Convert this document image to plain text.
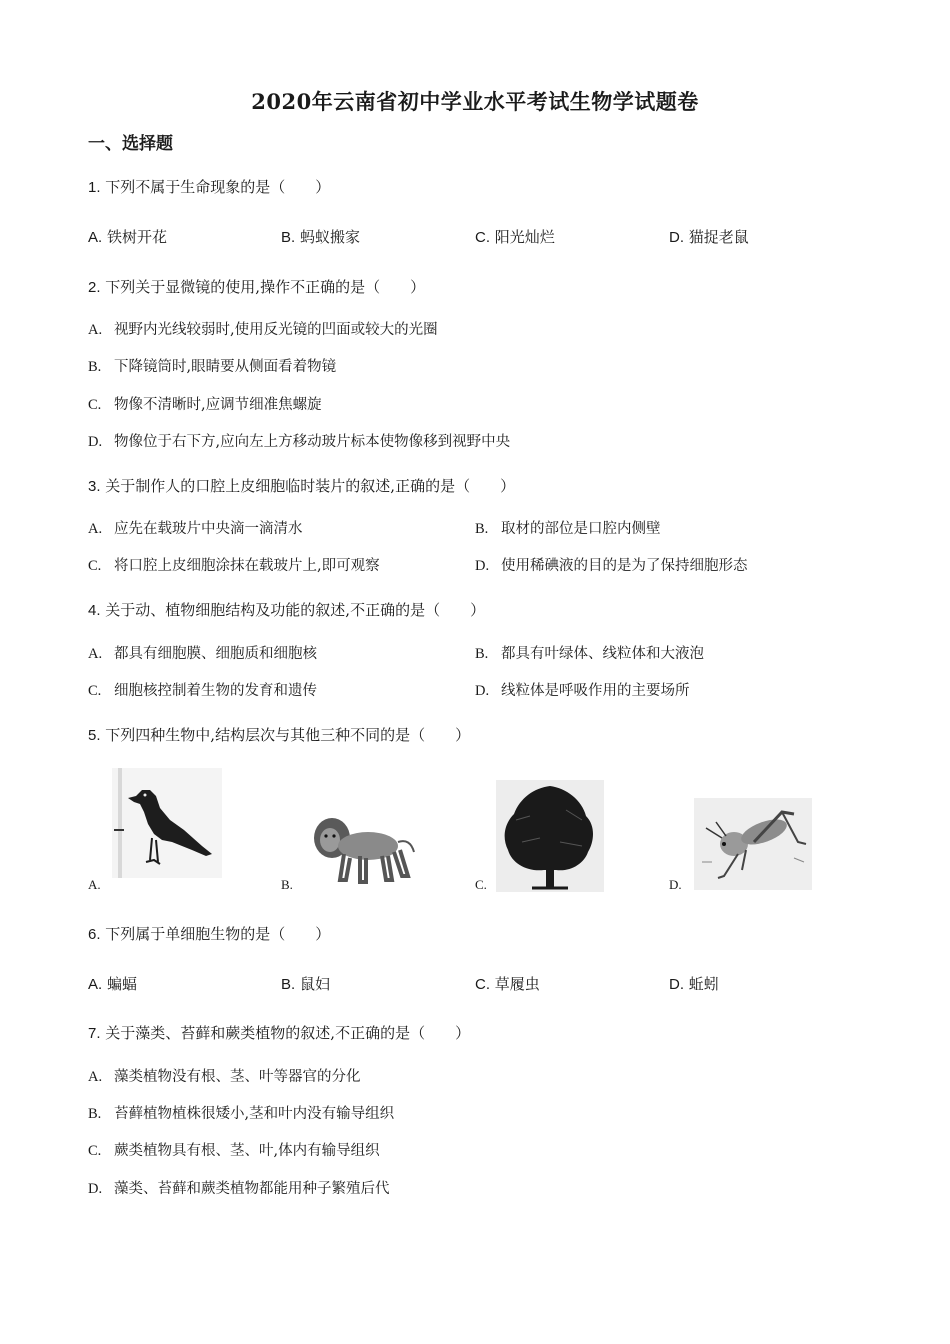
2020年云南省初中学业水平考试生物学试题卷
一、选择题
1. 下列不属于生命现象的是（　　）
A. 铁树开花	B. 蚂蚁搬家	C. 阳光灿烂	D. 猫捉老鼠
2. 下列关于显微镜的使用,操作不正确的是（　　）
A. 视野内光线较弱时,使用反光镜的凹面或较大的光圈
B. 下降镜筒时,眼睛要从侧面看着物镜
C. 物像不清晰时,应调节细准焦螺旋
D. 物像位于右下方,应向左上方移动玻片标本使物像移到视野中央
3. 关于制作人的口腔上皮细胞临时装片的叙述,正确的是（　　）
A. 应先在载玻片中央滴一滴清水	B. 取材的部位是口腔内侧壁
C. 将口腔上皮细胞涂抹在载玻片上,即可观察	D. 使用稀碘液的目的是为了保持细胞形态
4. 关于动、植物细胞结构及功能的叙述,不正确的是（　　）
A. 都具有细胞膜、细胞质和细胞核	B. 都具有叶绿体、线粒体和大液泡
C. 细胞核控制着生物的发育和遗传	D. 线粒体是呼吸作用的主要场所
5. 下列四种生物中,结构层次与其他三种不同的是（　　）
A.	B.	C.	D.
6. 下列属于单细胞生物的是（　　）
A. 蝙蝠	B. 鼠妇	C. 草履虫	D. 蚯蚓
7. 关于藻类、苔藓和蕨类植物的叙述,不正确的是（　　）
A. 藻类植物没有根、茎、叶等器官的分化
B. 苔藓植物植株很矮小,茎和叶内没有输导组织
C. 蕨类植物具有根、茎、叶,体内有输导组织
D. 藻类、苔藓和蕨类植物都能用种子繁殖后代
